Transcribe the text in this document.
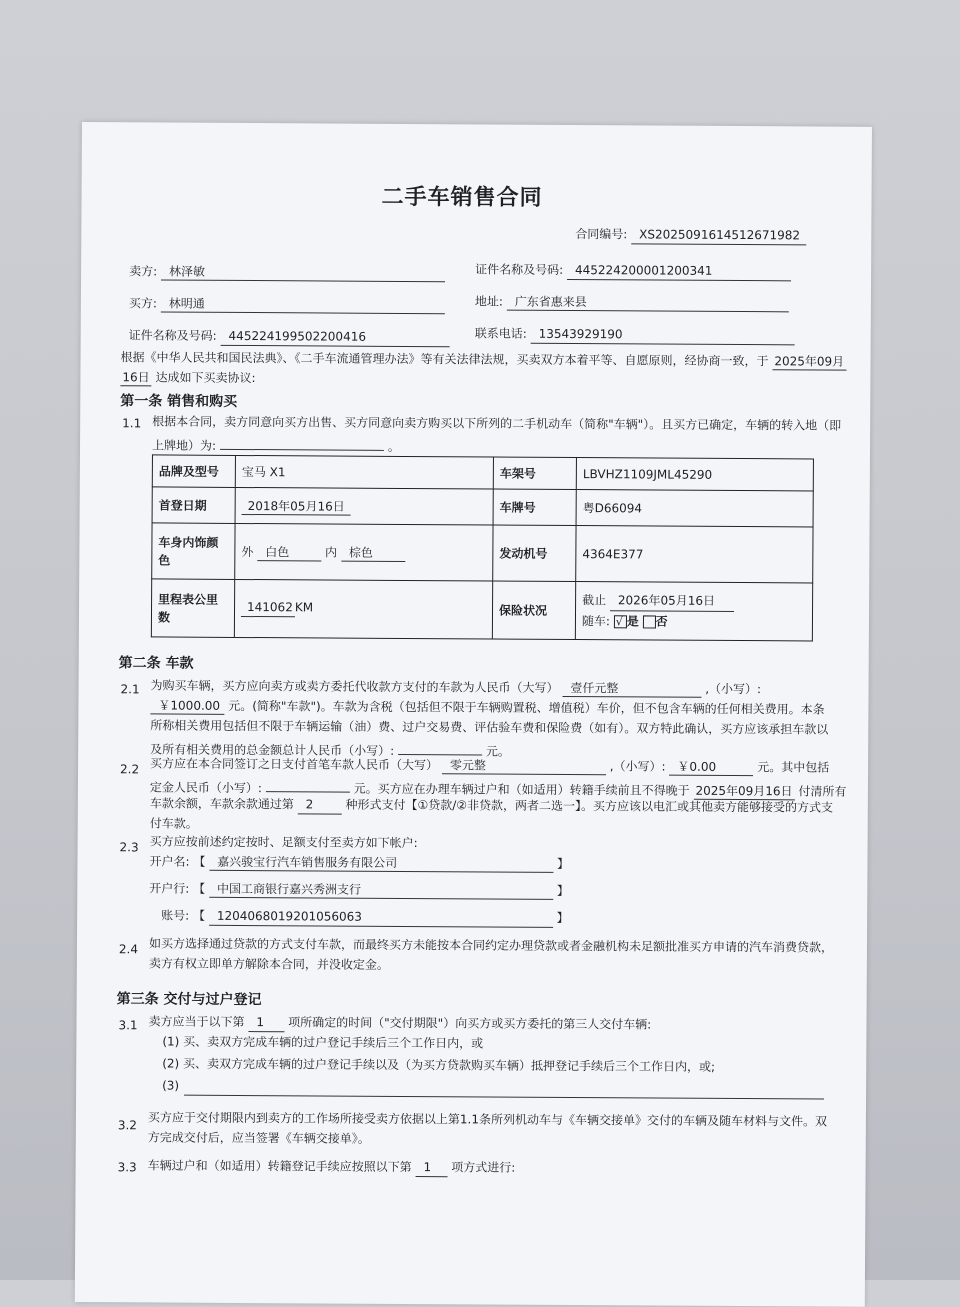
二手车销售合同
合同编号: XS2025091614512671982
卖方: 林泽敏	证件名称及号码: 445224200001200341
买方: 林明通	地址: 广东省惠来县
证件名称及号码: 445224199502200416	联系电话: 13543929190
根据《中华人民共和国民法典》、《二手车流通管理办法》等有关法律法规，买卖双方本着平等、自愿原则，经协商一致，于 2025年09月
16日 达成如下买卖协议:
第一条 销售和购买
1.1 根据本合同，卖方同意向买方出售、买方同意向卖方购买以下所列的二手机动车（简称"车辆"）。且买方已确定，车辆的转入地（即
上牌地）为:	。
品牌及型号	宝马 X1	车架号	LBVHZ1109JML45290
首登日期	2018年05月16日	车牌号	粤D66094
车身内饰颜色	外 白色 内 棕色	发动机号	4364E377
里程表公里数	141062 KM	保险状况	截止 2026年05月16日
随车: √ 是 否
第二条 车款
2.1 为购买车辆，买方应向卖方或卖方委托代收款方支付的车款为人民币（大写） 壹仟元整	,（小写）:
￥1000.00 元。(简称"车款")。车款为含税（包括但不限于车辆购置税、增值税）车价，但不包含车辆的任何相关费用。本条
所称相关费用包括但不限于车辆运输（油）费、过户交易费、评估验车费和保险费（如有）。双方特此确认，买方应该承担车款以
及所有相关费用的总金额总计人民币（小写）:	元。
2.2 买方应在本合同签订之日支付首笔车款人民币（大写） 零元整	,（小写）: ￥0.00	元。其中包括
定金人民币（小写）:	元。买方应在办理车辆过户和（如适用）转籍手续前且不得晚于 2025年09月16日 付清所有
车款余额，车款余款通过第 2	种形式支付【①贷款/②非贷款，两者二选一】。买方应该以电汇或其他卖方能够接受的方式支
付车款。
2.3 买方应按前述约定按时、足额支付至卖方如下帐户:
开户名: 【 嘉兴骏宝行汽车销售服务有限公司	】
开户行: 【 中国工商银行嘉兴秀洲支行	】
账号: 【 1204068019201056063	】
2.4 如买方选择通过贷款的方式支付车款，而最终买方未能按本合同约定办理贷款或者金融机构未足额批准买方申请的汽车消费贷款，
卖方有权立即单方解除本合同，并没收定金。
第三条 交付与过户登记
3.1 卖方应当于以下第 1 项所确定的时间（"交付期限"）向买方或买方委托的第三人交付车辆:
(1) 买、卖双方完成车辆的过户登记手续后三个工作日内，或
(2) 买、卖双方完成车辆的过户登记手续以及（为买方贷款购买车辆）抵押登记手续后三个工作日内，或;
(3)
3.2 买方应于交付期限内到卖方的工作场所接受卖方依据以上第1.1条所列机动车与《车辆交接单》交付的车辆及随车材料与文件。双
方完成交付后，应当签署《车辆交接单》。
3.3 车辆过户和（如适用）转籍登记手续应按照以下第 1 项方式进行:
